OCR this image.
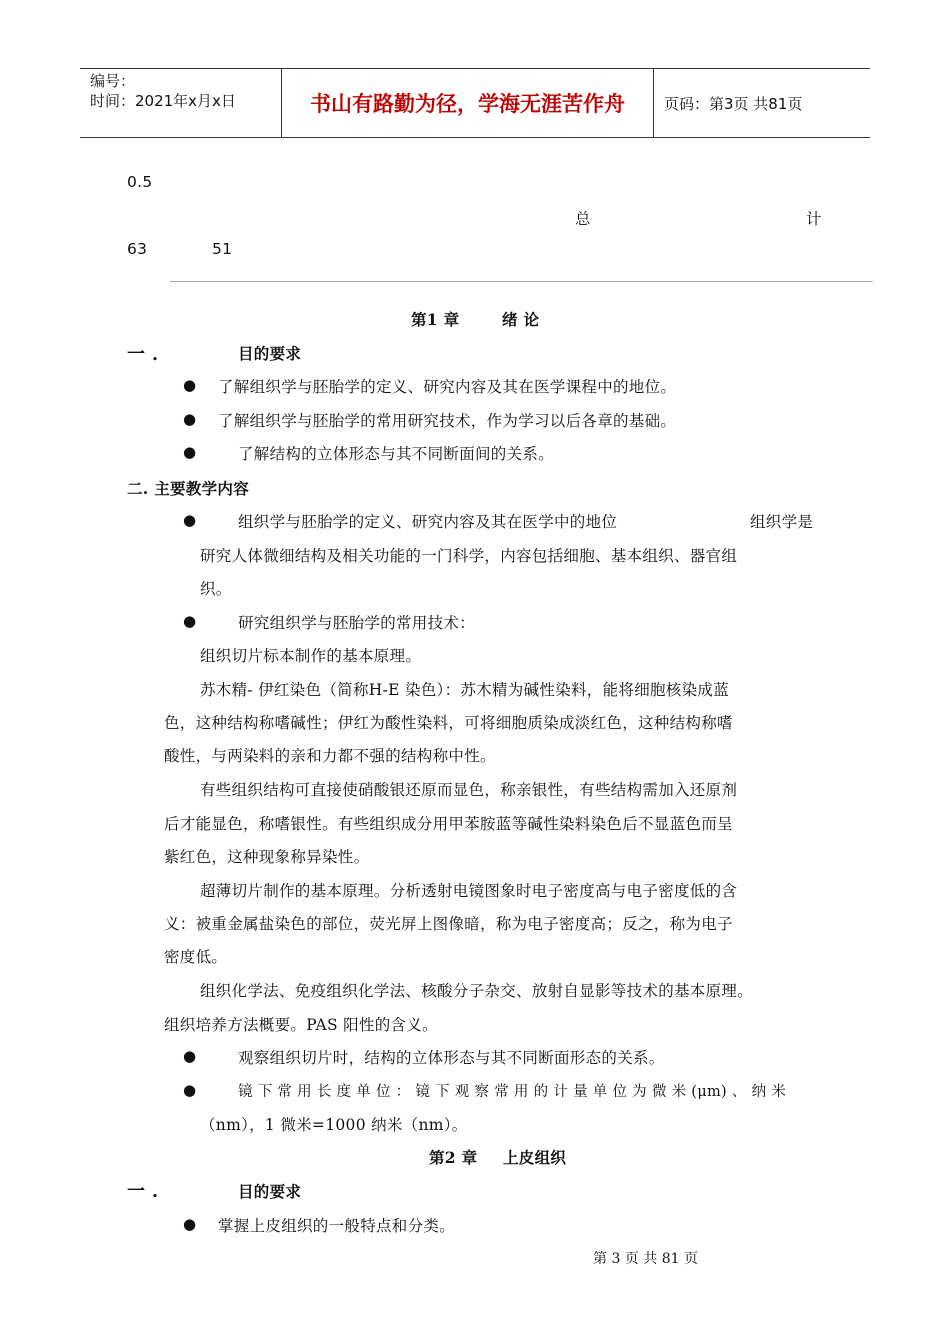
编号：
时间：2021年x月x日	书山有路勤为径，学海无涯苦作舟	页码：第3页 共81页
0.5
总	计
63	51
第1 章	绪 论
一 .	目的要求
● 了解组织学与胚胎学的定义、研究内容及其在医学课程中的地位。
● 了解组织学与胚胎学的常用研究技术，作为学习以后各章的基础。
●	了解结构的立体形态与其不同断面间的关系。
二. 主要教学内容
●	组织学与胚胎学的定义、研究内容及其在医学中的地位	组织学是
研究人体微细结构及相关功能的一门科学，内容包括细胞、基本组织、器官组
织。
●	研究组织学与胚胎学的常用技术：
组织切片标本制作的基本原理。
苏木精- 伊红染色（简称H-E 染色）：苏木精为碱性染料，能将细胞核染成蓝
色，这种结构称嗜碱性；伊红为酸性染料，可将细胞质染成淡红色，这种结构称嗜
酸性，与两染料的亲和力都不强的结构称中性。
有些组织结构可直接使硝酸银还原而显色，称亲银性，有些结构需加入还原剂
后才能显色，称嗜银性。有些组织成分用甲苯胺蓝等碱性染料染色后不显蓝色而呈
紫红色，这种现象称异染性。
超薄切片制作的基本原理。分析透射电镜图象时电子密度高与电子密度低的含
义：被重金属盐染色的部位，荧光屏上图像暗，称为电子密度高；反之，称为电子
密度低。
组织化学法、免疫组织化学法、核酸分子杂交、放射自显影等技术的基本原理。
组织培养方法概要。PAS 阳性的含义。
●	观察组织切片时，结构的立体形态与其不同断面形态的关系。
●	镜 下 常 用 长 度 单 位 ： 镜 下 观 察 常 用 的 计 量 单 位 为 微 米 (μm) 、 纳 米
（nm），1 微米=1000 纳米（nm）。
第2 章 上皮组织
一 .	目的要求
● 掌握上皮组织的一般特点和分类。
第 3 页 共 81 页
